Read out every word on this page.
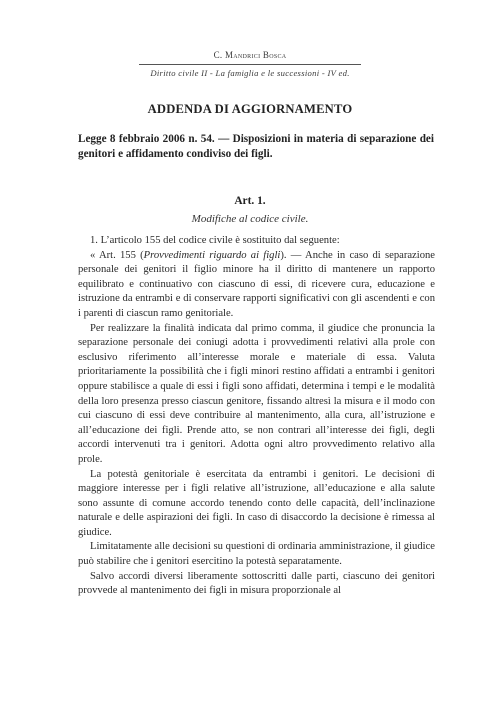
C. Mandrici Bosca
Diritto civile II - La famiglia e le successioni - IV ed.
ADDENDA DI AGGIORNAMENTO
Legge 8 febbraio 2006 n. 54. — Disposizioni in materia di separazione dei genitori e affidamento condiviso dei figli.
Art. 1.
Modifiche al codice civile.

1. L’articolo 155 del codice civile è sostituito dal seguente:

« Art. 155 (Provvedimenti riguardo ai figli). — Anche in caso di separazione personale dei genitori il figlio minore ha il diritto di mantenere un rapporto equilibrato e continuativo con ciascuno di essi, di ricevere cura, educazione e istruzione da entrambi e di conservare rapporti significativi con gli ascendenti e con i parenti di ciascun ramo genitoriale.

Per realizzare la finalità indicata dal primo comma, il giudice che pronuncia la separazione personale dei coniugi adotta i provvedimenti relativi alla prole con esclusivo riferimento all’interesse morale e materiale di essa. Valuta prioritariamente la possibilità che i figli minori restino affidati a entrambi i genitori oppure stabilisce a quale di essi i figli sono affidati, determina i tempi e le modalità della loro presenza presso ciascun genitore, fissando altresì la misura e il modo con cui ciascuno di essi deve contribuire al mantenimento, alla cura, all’istruzione e all’educazione dei figli. Prende atto, se non contrari all’interesse dei figli, degli accordi intervenuti tra i genitori. Adotta ogni altro provvedimento relativo alla prole.

La potestà genitoriale è esercitata da entrambi i genitori. Le decisioni di maggiore interesse per i figli relative all’istruzione, all’educazione e alla salute sono assunte di comune accordo tenendo conto delle capacità, dell’inclinazione naturale e delle aspirazioni dei figli. In caso di disaccordo la decisione è rimessa al giudice.

Limitatamente alle decisioni su questioni di ordinaria amministrazione, il giudice può stabilire che i genitori esercitino la potestà separatamente.

Salvo accordi diversi liberamente sottoscritti dalle parti, ciascuno dei genitori provvede al mantenimento dei figli in misura proporzionale al
